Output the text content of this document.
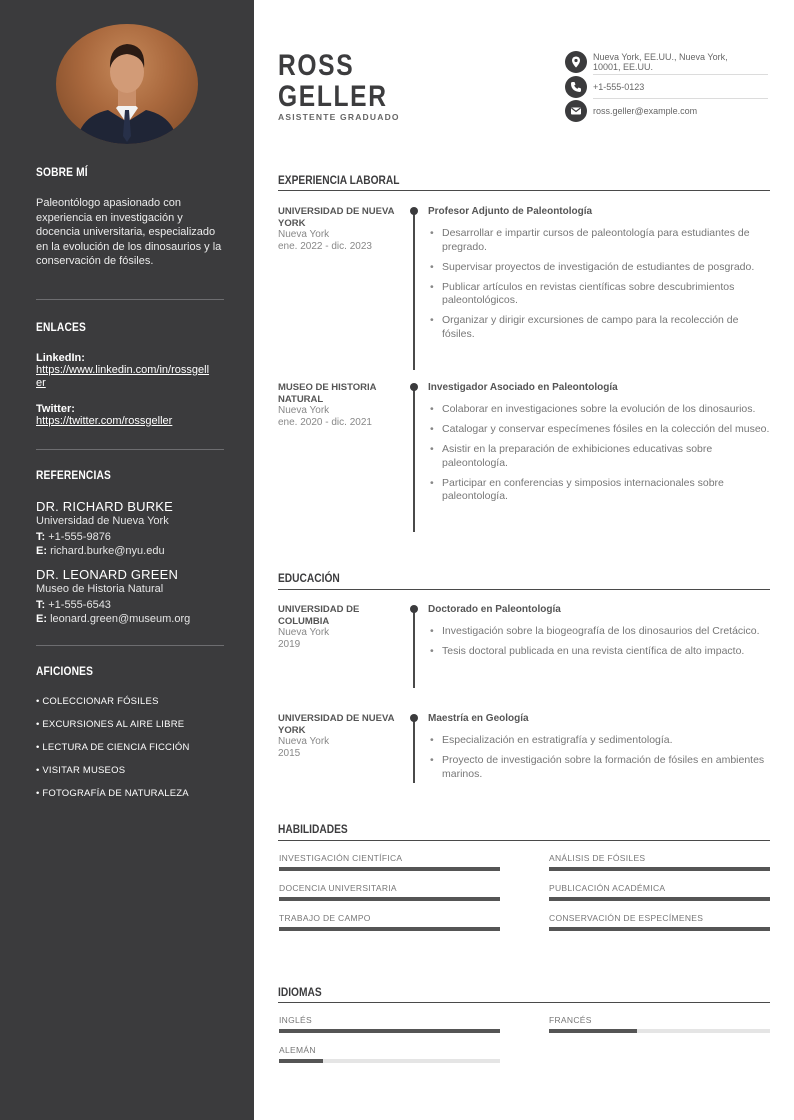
SOBRE MÍ
Paleontólogo apasionado con experiencia en investigación y docencia universitaria, especializado en la evolución de los dinosaurios y la conservación de fósiles.
ENLACES
LinkedIn:
https://www.linkedin.com/in/rossgeller
Twitter:
https://twitter.com/rossgeller
REFERENCIAS
DR. RICHARD BURKE
Universidad de Nueva York
T: +1-555-9876
E: richard.burke@nyu.edu
DR. LEONARD GREEN
Museo de Historia Natural
T: +1-555-6543
E: leonard.green@museum.org
AFICIONES
• COLECCIONAR FÓSILES
• EXCURSIONES AL AIRE LIBRE
• LECTURA DE CIENCIA FICCIÓN
• VISITAR MUSEOS
• FOTOGRAFÍA DE NATURALEZA
ROSS
GELLER
ASISTENTE GRADUADO
Nueva York, EE.UU., Nueva York, 10001, EE.UU.
+1-555-0123
ross.geller@example.com
EXPERIENCIA LABORAL
UNIVERSIDAD DE NUEVA YORK
Nueva York
ene. 2022 - dic. 2023
Profesor Adjunto de Paleontología
• Desarrollar e impartir cursos de paleontología para estudiantes de pregrado.
• Supervisar proyectos de investigación de estudiantes de posgrado.
• Publicar artículos en revistas científicas sobre descubrimientos paleontológicos.
• Organizar y dirigir excursiones de campo para la recolección de fósiles.
MUSEO DE HISTORIA NATURAL
Nueva York
ene. 2020 - dic. 2021
Investigador Asociado en Paleontología
• Colaborar en investigaciones sobre la evolución de los dinosaurios.
• Catalogar y conservar especímenes fósiles en la colección del museo.
• Asistir en la preparación de exhibiciones educativas sobre paleontología.
• Participar en conferencias y simposios internacionales sobre paleontología.
EDUCACIÓN
UNIVERSIDAD DE COLUMBIA
Nueva York
2019
Doctorado en Paleontología
• Investigación sobre la biogeografía de los dinosaurios del Cretácico.
• Tesis doctoral publicada en una revista científica de alto impacto.
UNIVERSIDAD DE NUEVA YORK
Nueva York
2015
Maestría en Geología
• Especialización en estratigrafía y sedimentología.
• Proyecto de investigación sobre la formación de fósiles en ambientes marinos.
HABILIDADES
INVESTIGACIÓN CIENTÍFICA	ANÁLISIS DE FÓSILES
DOCENCIA UNIVERSITARIA	PUBLICACIÓN ACADÉMICA
TRABAJO DE CAMPO	CONSERVACIÓN DE ESPECÍMENES
IDIOMAS
INGLÉS	FRANCÉS
ALEMÁN
